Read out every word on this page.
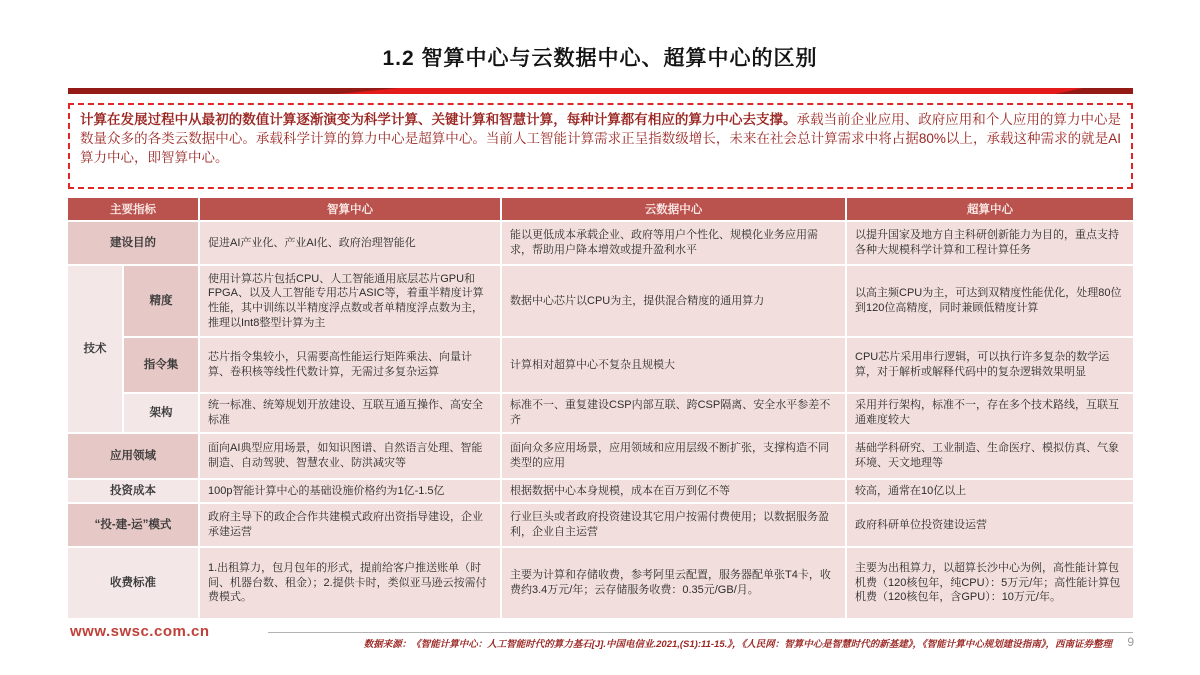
1.2 智算中心与云数据中心、超算中心的区别
计算在发展过程中从最初的数值计算逐渐演变为科学计算、关键计算和智慧计算，每种计算都有相应的算力中心去支撑。承载当前企业应用、政府应用和个人应用的算力中心是数量众多的各类云数据中心。承载科学计算的算力中心是超算中心。当前人工智能计算需求正呈指数级增长，未来在社会总计算需求中将占据80%以上，承载这种需求的就是AI算力中心，即智算中心。
主要指标		智算中心	云数据中心	超算中心
建设目的		促进AI产业化、产业AI化、政府治理智能化	能以更低成本承载企业、政府等用户个性化、规模化业务应用需求，帮助用户降本增效或提升盈利水平	以提升国家及地方自主科研创新能力为目的，重点支持各种大规模科学计算和工程计算任务
技术	精度	使用计算芯片包括CPU、人工智能通用底层芯片GPU和FPGA、以及人工智能专用芯片ASIC等，着重半精度计算性能，其中训练以半精度浮点数或者单精度浮点数为主，推理以Int8整型计算为主	数据中心芯片以CPU为主，提供混合精度的通用算力	以高主频CPU为主，可达到双精度性能优化，处理80位到120位高精度，同时兼顾低精度计算
	指令集	芯片指令集较小，只需要高性能运行矩阵乘法、向量计算、卷积核等线性代数计算，无需过多复杂运算	计算相对超算中心不复杂且规模大	CPU芯片采用串行逻辑，可以执行许多复杂的数学运算，对于解析或解释代码中的复杂逻辑效果明显
	架构	统一标准、统筹规划开放建设、互联互通互操作、高安全标准	标准不一、重复建设CSP内部互联、跨CSP隔离、安全水平参差不齐	采用并行架构，标准不一，存在多个技术路线，互联互通难度较大
应用领域		面向AI典型应用场景，如知识图谱、自然语言处理、智能制造、自动驾驶、智慧农业、防洪减灾等	面向众多应用场景，应用领域和应用层级不断扩张，支撑构造不同类型的应用	基础学科研究、工业制造、生命医疗、模拟仿真、气象环境、天文地理等
投资成本		100p智能计算中心的基础设施价格约为1亿-1.5亿	根据数据中心本身规模，成本在百万到亿不等	较高，通常在10亿以上
“投-建-运”模式		政府主导下的政企合作共建模式政府出资指导建设，企业承建运营	行业巨头或者政府投资建设其它用户按需付费使用；以数据服务盈利，企业自主运营	政府科研单位投资建设运营
收费标准		1.出租算力，包月包年的形式，提前给客户推送账单（时间、机器台数、租金）；2.提供卡时，类似亚马逊云按需付费模式。	主要为计算和存储收费，参考阿里云配置，服务器配单张T4卡，收费约3.4万元/年；云存储服务收费：0.35元/GB/月。	主要为出租算力，以超算长沙中心为例，高性能计算包机费（120核包年，纯CPU）：5万元/年；高性能计算包机费（120核包年，含GPU）：10万元/年。
www.swsc.com.cn
数据来源：《智能计算中心：人工智能时代的算力基石[J].中国电信业.2021,(S1):11-15.》，《人民网：智算中心是智慧时代的新基建》，《智能计算中心规划建设指南》，西南证券整理 9
